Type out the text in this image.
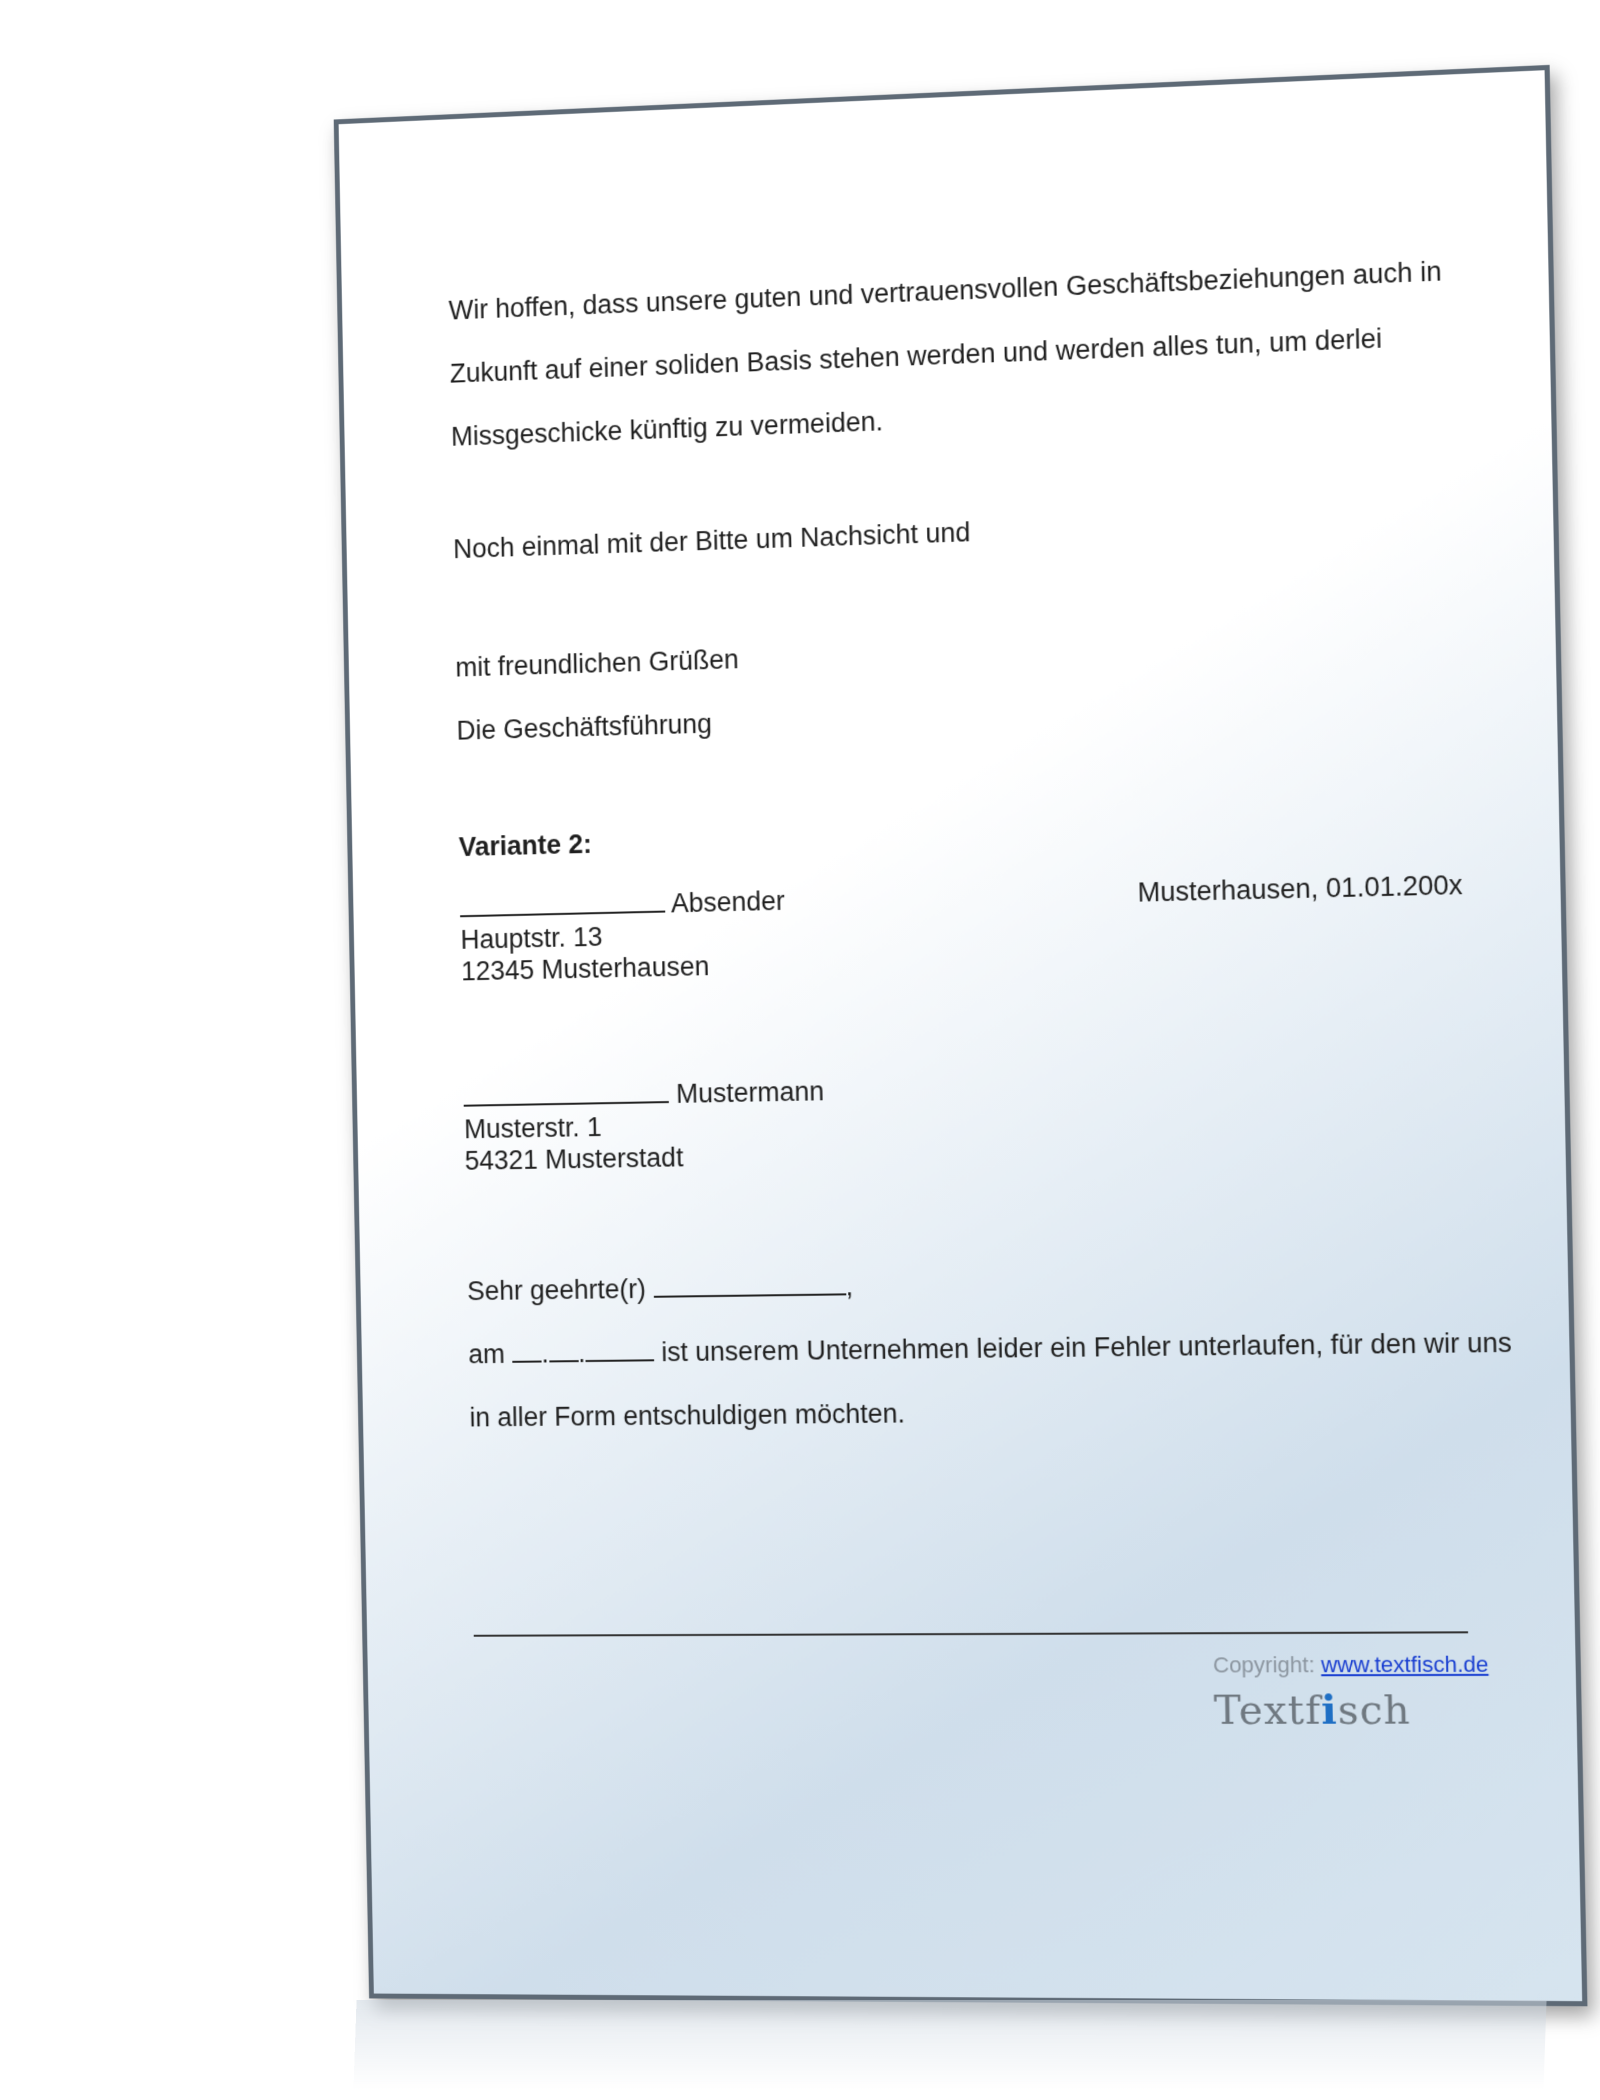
Wir hoffen, dass unsere guten und vertrauensvollen Geschäftsbeziehungen auch in
Zukunft auf einer soliden Basis stehen werden und werden alles tun, um derlei
Missgeschicke künftig zu vermeiden.
Noch einmal mit der Bitte um Nachsicht und
mit freundlichen Grüßen
Die Geschäftsführung
Variante 2:
Absender
Hauptstr. 13
12345 Musterhausen
Musterhausen, 01.01.200x
Mustermann
Musterstr. 1
54321 Musterstadt
Sehr geehrte(r)	,
am . .	ist unserem Unternehmen leider ein Fehler unterlaufen, für den wir uns
in aller Form entschuldigen möchten.
Copyright: www.textfisch.de
Textfisch
